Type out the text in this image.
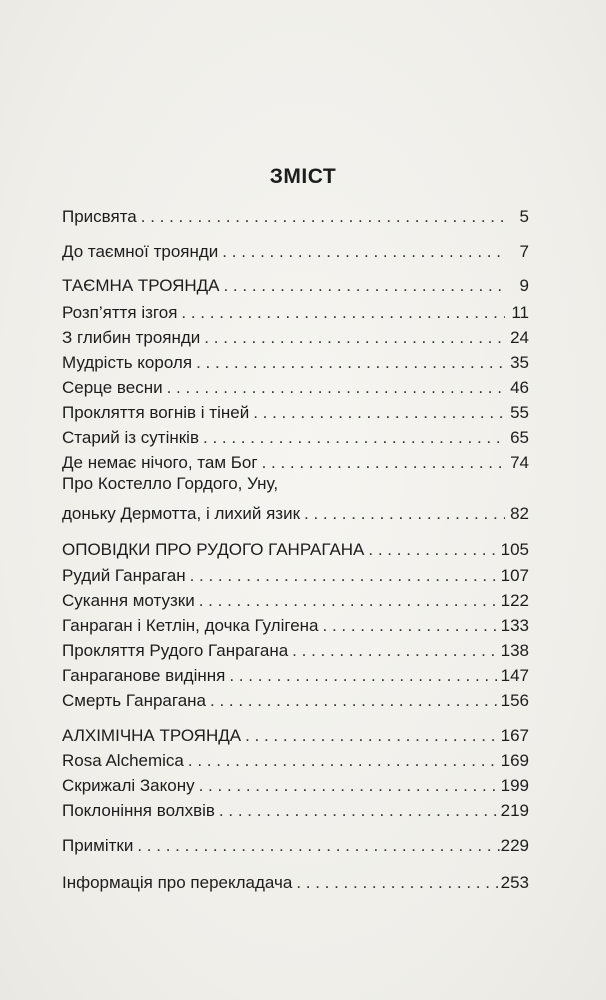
ЗМІСТ
Присвята . . .	5
До таємної троянди . . .	7
ТАЄМНА ТРОЯНДА . . .	9
Розп’яття ізгоя . . .	11
З глибин троянди . . .	24
Мудрість короля . . .	35
Серце весни . . .	46
Прокляття вогнів і тіней . . .	55
Старий із сутінків . . .	65
Де немає нічого, там Бог . . .	74
Про Костелло Гордого, Уну,
доньку Дермотта, і лихий язик . . .	82
ОПОВІДКИ ПРО РУДОГО ГАНРАГАНА . . .	105
Рудий Ганраган . . .	107
Сукання мотузки . . .	122
Ганраган і Кетлін, дочка Гулігена . . .	133
Прокляття Рудого Ганрагана . . .	138
Ганраганове видіння . . .	147
Смерть Ганрагана . . .	156
АЛХІМІЧНА ТРОЯНДА . . .	167
Rosa Alchemica . . .	169
Скрижалі Закону . . .	199
Поклоніння волхвів . . .	219
Примітки . . .	229
Інформація про перекладача . . .	253
